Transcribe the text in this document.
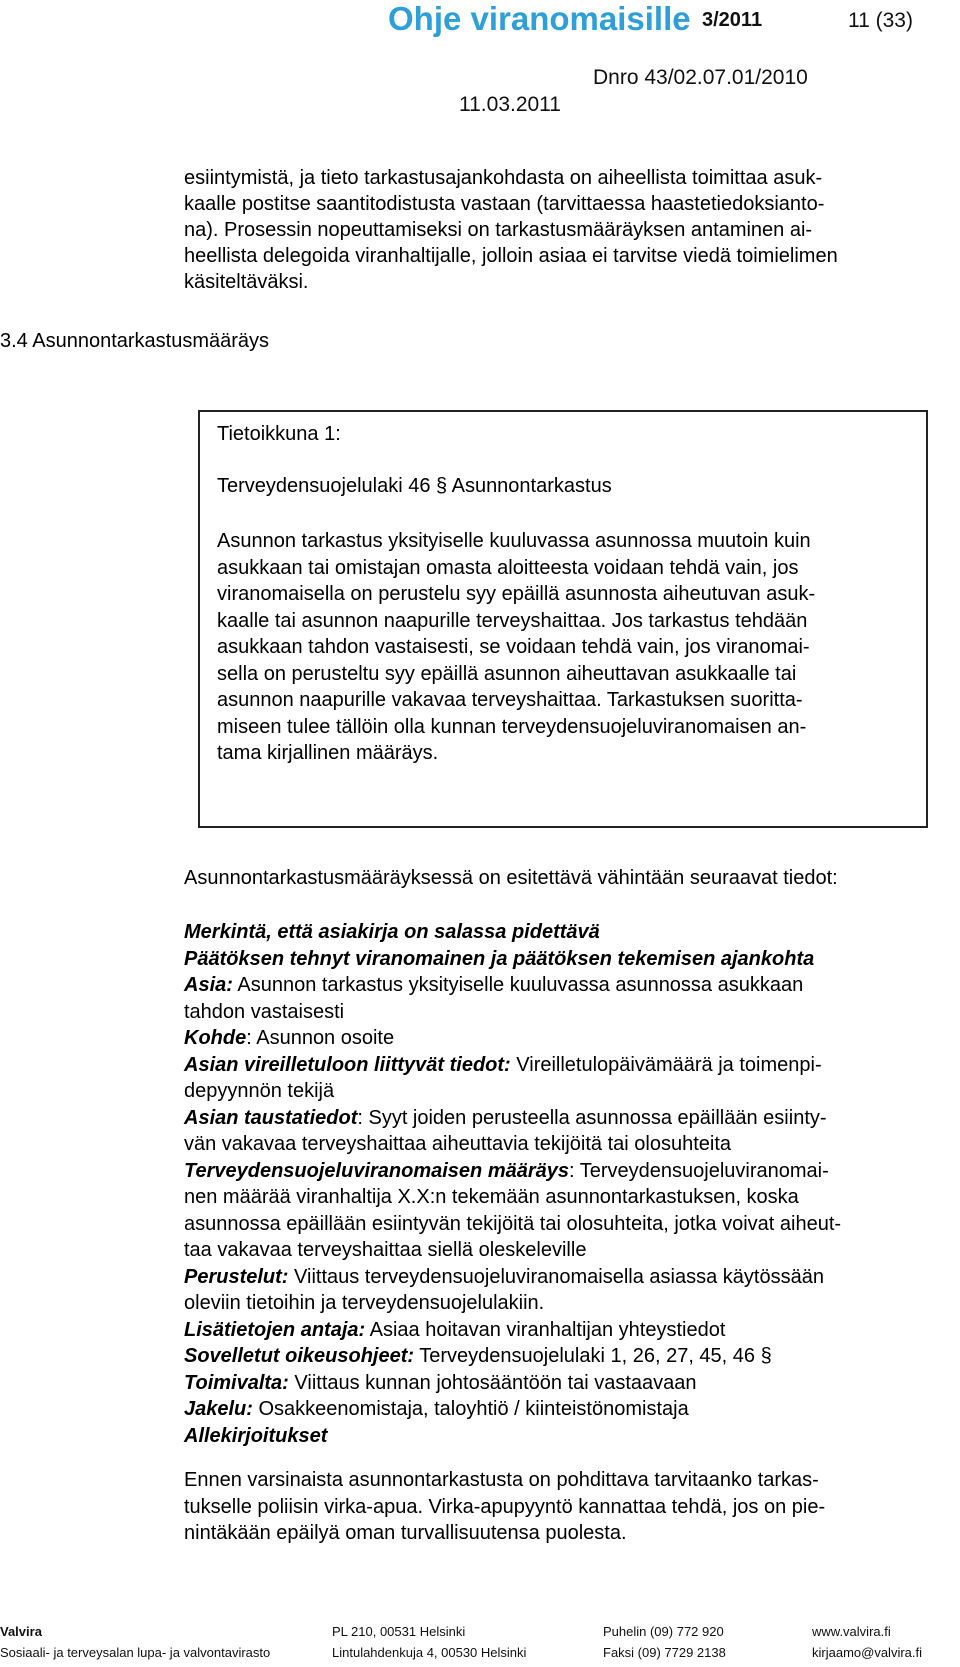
Ohje viranomaisille 3/2011	11 (33)
Dnro 43/02.07.01/2010
11.03.2011
esiintymistä, ja tieto tarkastusajankohdasta on aiheellista toimittaa asuk-
kaalle postitse saantitodistusta vastaan (tarvittaessa haastetiedoksianto-
na). Prosessin nopeuttamiseksi on tarkastusmääräyksen antaminen ai-
heellista delegoida viranhaltijalle, jolloin asiaa ei tarvitse viedä toimielimen
käsiteltäväksi.
3.4 Asunnontarkastusmääräys
Tietoikkuna 1:
Terveydensuojelulaki 46 § Asunnontarkastus
Asunnon tarkastus yksityiselle kuuluvassa asunnossa muutoin kuin
asukkaan tai omistajan omasta aloitteesta voidaan tehdä vain, jos
viranomaisella on perustelu syy epäillä asunnosta aiheutuvan asuk-
kaalle tai asunnon naapurille terveyshaittaa. Jos tarkastus tehdään
asukkaan tahdon vastaisesti, se voidaan tehdä vain, jos viranomai-
sella on perusteltu syy epäillä asunnon aiheuttavan asukkaalle tai
asunnon naapurille vakavaa terveyshaittaa. Tarkastuksen suoritta-
miseen tulee tällöin olla kunnan terveydensuojeluviranomaisen an-
tama kirjallinen määräys.
Asunnontarkastusmääräyksessä on esitettävä vähintään seuraavat tiedot:
Merkintä, että asiakirja on salassa pidettävä
Päätöksen tehnyt viranomainen ja päätöksen tekemisen ajankohta
Asia: Asunnon tarkastus yksityiselle kuuluvassa asunnossa asukkaan
tahdon vastaisesti
Kohde: Asunnon osoite
Asian vireilletuloon liittyvät tiedot: Vireilletulopäivämäärä ja toimenpi-
depyynnön tekijä
Asian taustatiedot: Syyt joiden perusteella asunnossa epäillään esiinty-
vän vakavaa terveyshaittaa aiheuttavia tekijöitä tai olosuhteita
Terveydensuojeluviranomaisen määräys: Terveydensuojeluviranomai-
nen määrää viranhaltija X.X:n tekemään asunnontarkastuksen, koska
asunnossa epäillään esiintyvän tekijöitä tai olosuhteita, jotka voivat aiheut-
taa vakavaa terveyshaittaa siellä oleskeleville
Perustelut: Viittaus terveydensuojeluviranomaisella asiassa käytössään
oleviin tietoihin ja terveydensuojelulakiin.
Lisätietojen antaja: Asiaa hoitavan viranhaltijan yhteystiedot
Sovelletut oikeusohjeet: Terveydensuojelulaki 1, 26, 27, 45, 46 §
Toimivalta: Viittaus kunnan johtosääntöön tai vastaavaan
Jakelu: Osakkeenomistaja, taloyhtiö / kiinteistönomistaja
Allekirjoitukset
Ennen varsinaista asunnontarkastusta on pohdittava tarvitaanko tarkas-
tukselle poliisin virka-apua. Virka-apupyyntö kannattaa tehdä, jos on pie-
nintäkään epäilyä oman turvallisuutensa puolesta.
Valvira
Sosiaali- ja terveysalan lupa- ja valvontavirasto
PL 210, 00531 Helsinki
Lintulahdenkuja 4, 00530 Helsinki
Puhelin (09) 772 920
Faksi (09) 7729 2138
www.valvira.fi
kirjaamo@valvira.fi
